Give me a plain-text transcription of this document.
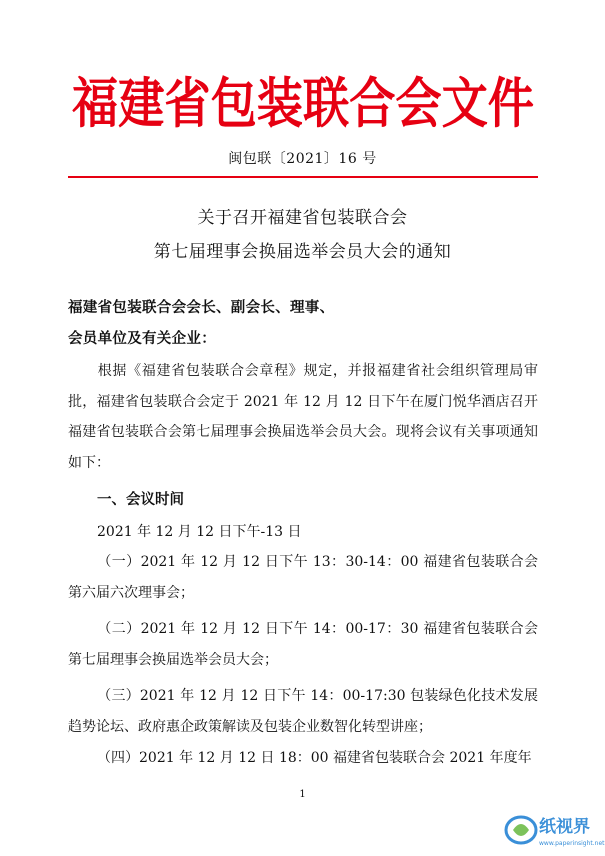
福建省包装联合会文件
闽包联〔2021〕16 号
关于召开福建省包装联合会
第七届理事会换届选举会员大会的通知
福建省包装联合会会长、副会长、理事、
会员单位及有关企业：

根据《福建省包装联合会章程》规定，并报福建省社会组织管理局审批，福建省包装联合会定于 2021 年 12 月 12 日下午在厦门悦华酒店召开福建省包装联合会第七届理事会换届选举会员大会。现将会议有关事项通知如下：

一、会议时间
2021 年 12 月 12 日下午-13 日

（一）2021 年 12 月 12 日下午 13：30-14：00 福建省包装联合会第六届六次理事会；

（二）2021 年 12 月 12 日下午 14：00-17：30 福建省包装联合会第七届理事会换届选举会员大会；

（三）2021 年 12 月 12 日下午 14：00-17:30 包装绿色化技术发展趋势论坛、政府惠企政策解读及包装企业数智化转型讲座；

（四）2021 年 12 月 12 日 18：00 福建省包装联合会 2021 年度年

1
纸视界
www.paperinsight.net
